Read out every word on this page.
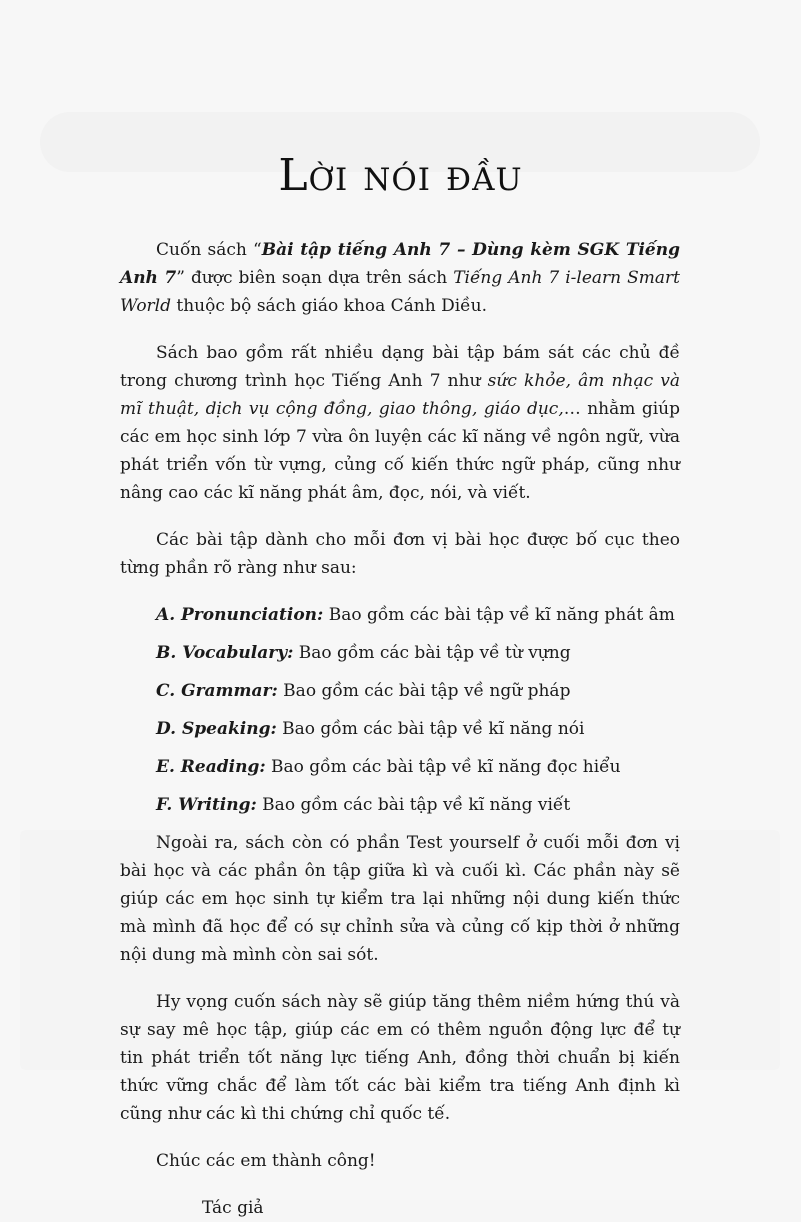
Lời nói đầu

Cuốn sách “Bài tập tiếng Anh 7 – Dùng kèm SGK Tiếng Anh 7” được biên soạn dựa trên sách Tiếng Anh 7 i-learn Smart World thuộc bộ sách giáo khoa Cánh Diều.

Sách bao gồm rất nhiều dạng bài tập bám sát các chủ đề trong chương trình học Tiếng Anh 7 như sức khỏe, âm nhạc và mĩ thuật, dịch vụ cộng đồng, giao thông, giáo dục,… nhằm giúp các em học sinh lớp 7 vừa ôn luyện các kĩ năng về ngôn ngữ, vừa phát triển vốn từ vựng, củng cố kiến thức ngữ pháp, cũng như nâng cao các kĩ năng phát âm, đọc, nói, và viết.

Các bài tập dành cho mỗi đơn vị bài học được bố cục theo từng phần rõ ràng như sau:

A. Pronunciation: Bao gồm các bài tập về kĩ năng phát âm
B. Vocabulary: Bao gồm các bài tập về từ vựng
C. Grammar: Bao gồm các bài tập về ngữ pháp
D. Speaking: Bao gồm các bài tập về kĩ năng nói
E. Reading: Bao gồm các bài tập về kĩ năng đọc hiểu
F. Writing: Bao gồm các bài tập về kĩ năng viết

Ngoài ra, sách còn có phần Test yourself ở cuối mỗi đơn vị bài học và các phần ôn tập giữa kì và cuối kì. Các phần này sẽ giúp các em học sinh tự kiểm tra lại những nội dung kiến thức mà mình đã học để có sự chỉnh sửa và củng cố kịp thời ở những nội dung mà mình còn sai sót.

Hy vọng cuốn sách này sẽ giúp tăng thêm niềm hứng thú và sự say mê học tập, giúp các em có thêm nguồn động lực để tự tin phát triển tốt năng lực tiếng Anh, đồng thời chuẩn bị kiến thức vững chắc để làm tốt các bài kiểm tra tiếng Anh định kì cũng như các kì thi chứng chỉ quốc tế.

Chúc các em thành công!

Tác giả
